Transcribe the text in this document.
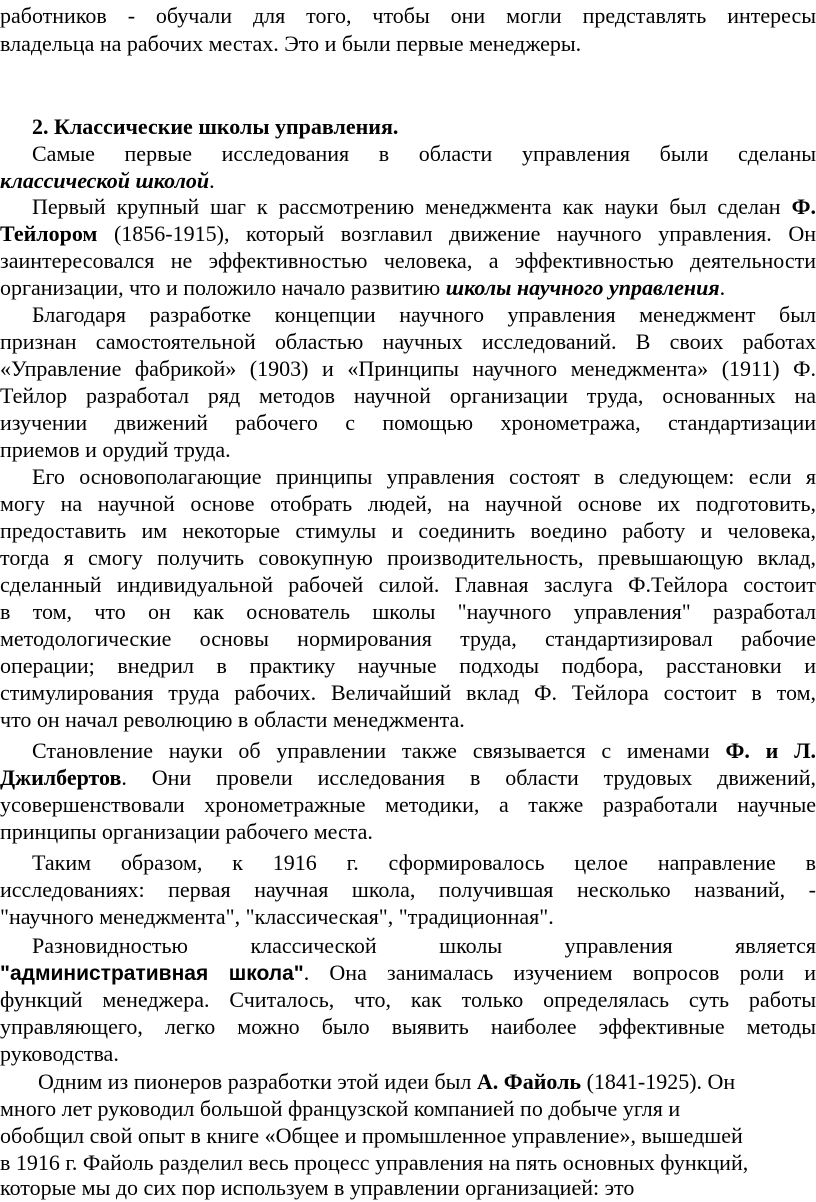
работников - обучали для того, чтобы они могли представлять интересы
владельца на рабочих местах. Это и были первые менеджеры.
2. Классические школы управления.
Самые первые исследования в области управления были сделаны
классической школой.
Первый крупный шаг к рассмотрению менеджмента как науки был сделан Ф.
Тейлором (1856-1915), который возглавил движение научного управления. Он
заинтересовался не эффективностью человека, а эффективностью деятельности
организации, что и положило начало развитию школы научного управления.
Благодаря разработке концепции научного управления менеджмент был
признан самостоятельной областью научных исследований. В своих работах
«Управление фабрикой» (1903) и «Принципы научного менеджмента» (1911) Ф.
Тейлор разработал ряд методов научной организации труда, основанных на
изучении движений рабочего с помощью хронометража, стандартизации
приемов и орудий труда.
Его основополагающие принципы управления состоят в следующем: если я
могу на научной основе отобрать людей, на научной основе их подготовить,
предоставить им некоторые стимулы и соединить воедино работу и человека,
тогда я смогу получить совокупную производительность, превышающую вклад,
сделанный индивидуальной рабочей силой. Главная заслуга Ф.Тейлора состоит
в том, что он как основатель школы "научного управления" разработал
методологические основы нормирования труда, стандартизировал рабочие
операции; внедрил в практику научные подходы подбора, расстановки и
стимулирования труда рабочих. Величайший вклад Ф. Тейлора состоит в том,
что он начал революцию в области менеджмента.
Становление науки об управлении также связывается с именами Ф. и Л.
Джилбертов. Они провели исследования в области трудовых движений,
усовершенствовали хронометражные методики, а также разработали научные
принципы организации рабочего места.
Таким образом, к 1916 г. сформировалось целое направление в
исследованиях: первая научная школа, получившая несколько названий, -
"научного менеджмента", "классическая", "традиционная".
Разновидностью классической школы управления является
"административная школа". Она занималась изучением вопросов роли и
функций менеджера. Считалось, что, как только определялась суть работы
управляющего, легко можно было выявить наиболее эффективные методы
руководства.
Одним из пионеров разработки этой идеи был А. Файоль (1841-1925). Он
много лет руководил большой французской компанией по добыче угля и
обобщил свой опыт в книге «Общее и промышленное управление», вышедшей
в 1916 г. Файоль разделил весь процесс управления на пять основных функций,
которые мы до сих пор используем в управлении организацией: это
